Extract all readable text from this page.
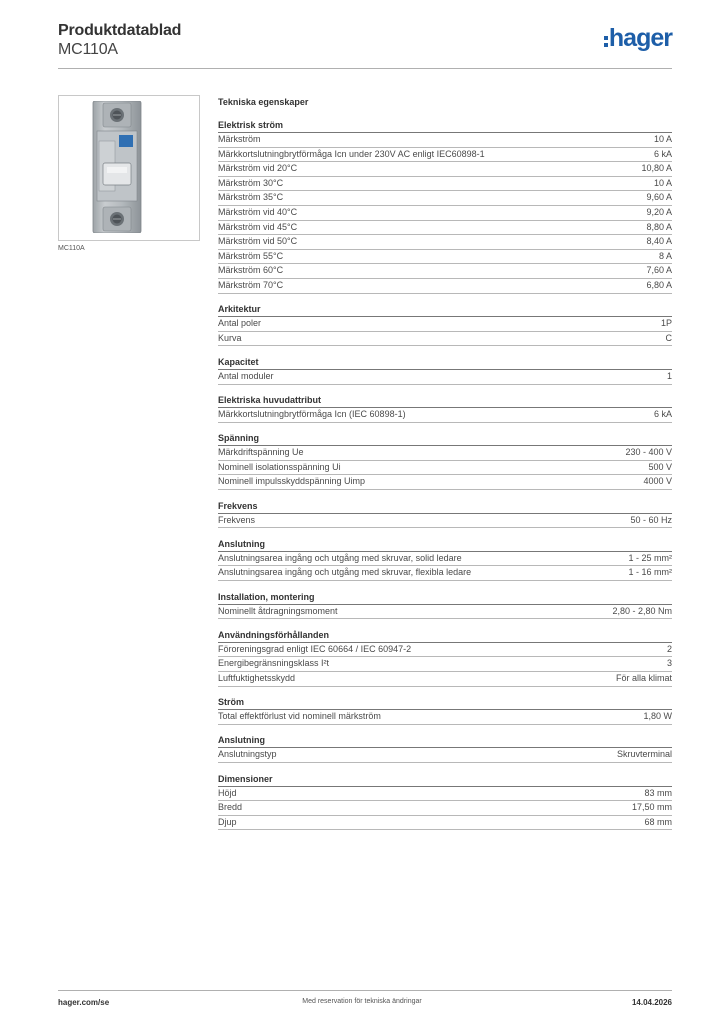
Produktdatablad
MC110A	hager
MC110A
Tekniska egenskaper
Elektrisk ström
Märkström	10 A
Märkkortslutningbrytförmåga Icn under 230V AC enligt IEC60898-1	6 kA
Märkström vid 20°C	10,80 A
Märkström 30°C	10 A
Märkström 35°C	9,60 A
Märkström vid 40°C	9,20 A
Märkström vid 45°C	8,80 A
Märkström vid 50°C	8,40 A
Märkström 55°C	8 A
Märkström 60°C	7,60 A
Märkström 70°C	6,80 A
Arkitektur
Antal poler	1P
Kurva	C
Kapacitet
Antal moduler	1
Elektriska huvudattribut
Märkkortslutningbrytförmåga Icn (IEC 60898-1)	6 kA
Spänning
Märkdriftspänning Ue	230 - 400 V
Nominell isolationsspänning Ui	500 V
Nominell impulsskyddspänning Uimp	4000 V
Frekvens
Frekvens	50 - 60 Hz
Anslutning
Anslutningsarea ingång och utgång med skruvar, solid ledare	1 - 25 mm²
Anslutningsarea ingång och utgång med skruvar, flexibla ledare	1 - 16 mm²
Installation, montering
Nominellt åtdragningsmoment	2,80 - 2,80 Nm
Användningsförhållanden
Föroreningsgrad enligt IEC 60664 / IEC 60947-2	2
Energibegränsningsklass I²t	3
Luftfuktighetsskydd	För alla klimat
Ström
Total effektförlust vid nominell märkström	1,80 W
Anslutning
Anslutningstyp	Skruvterminal
Dimensioner
Höjd	83 mm
Bredd	17,50 mm
Djup	68 mm
hager.com/se	Med reservation för tekniska ändringar	14.04.2026
